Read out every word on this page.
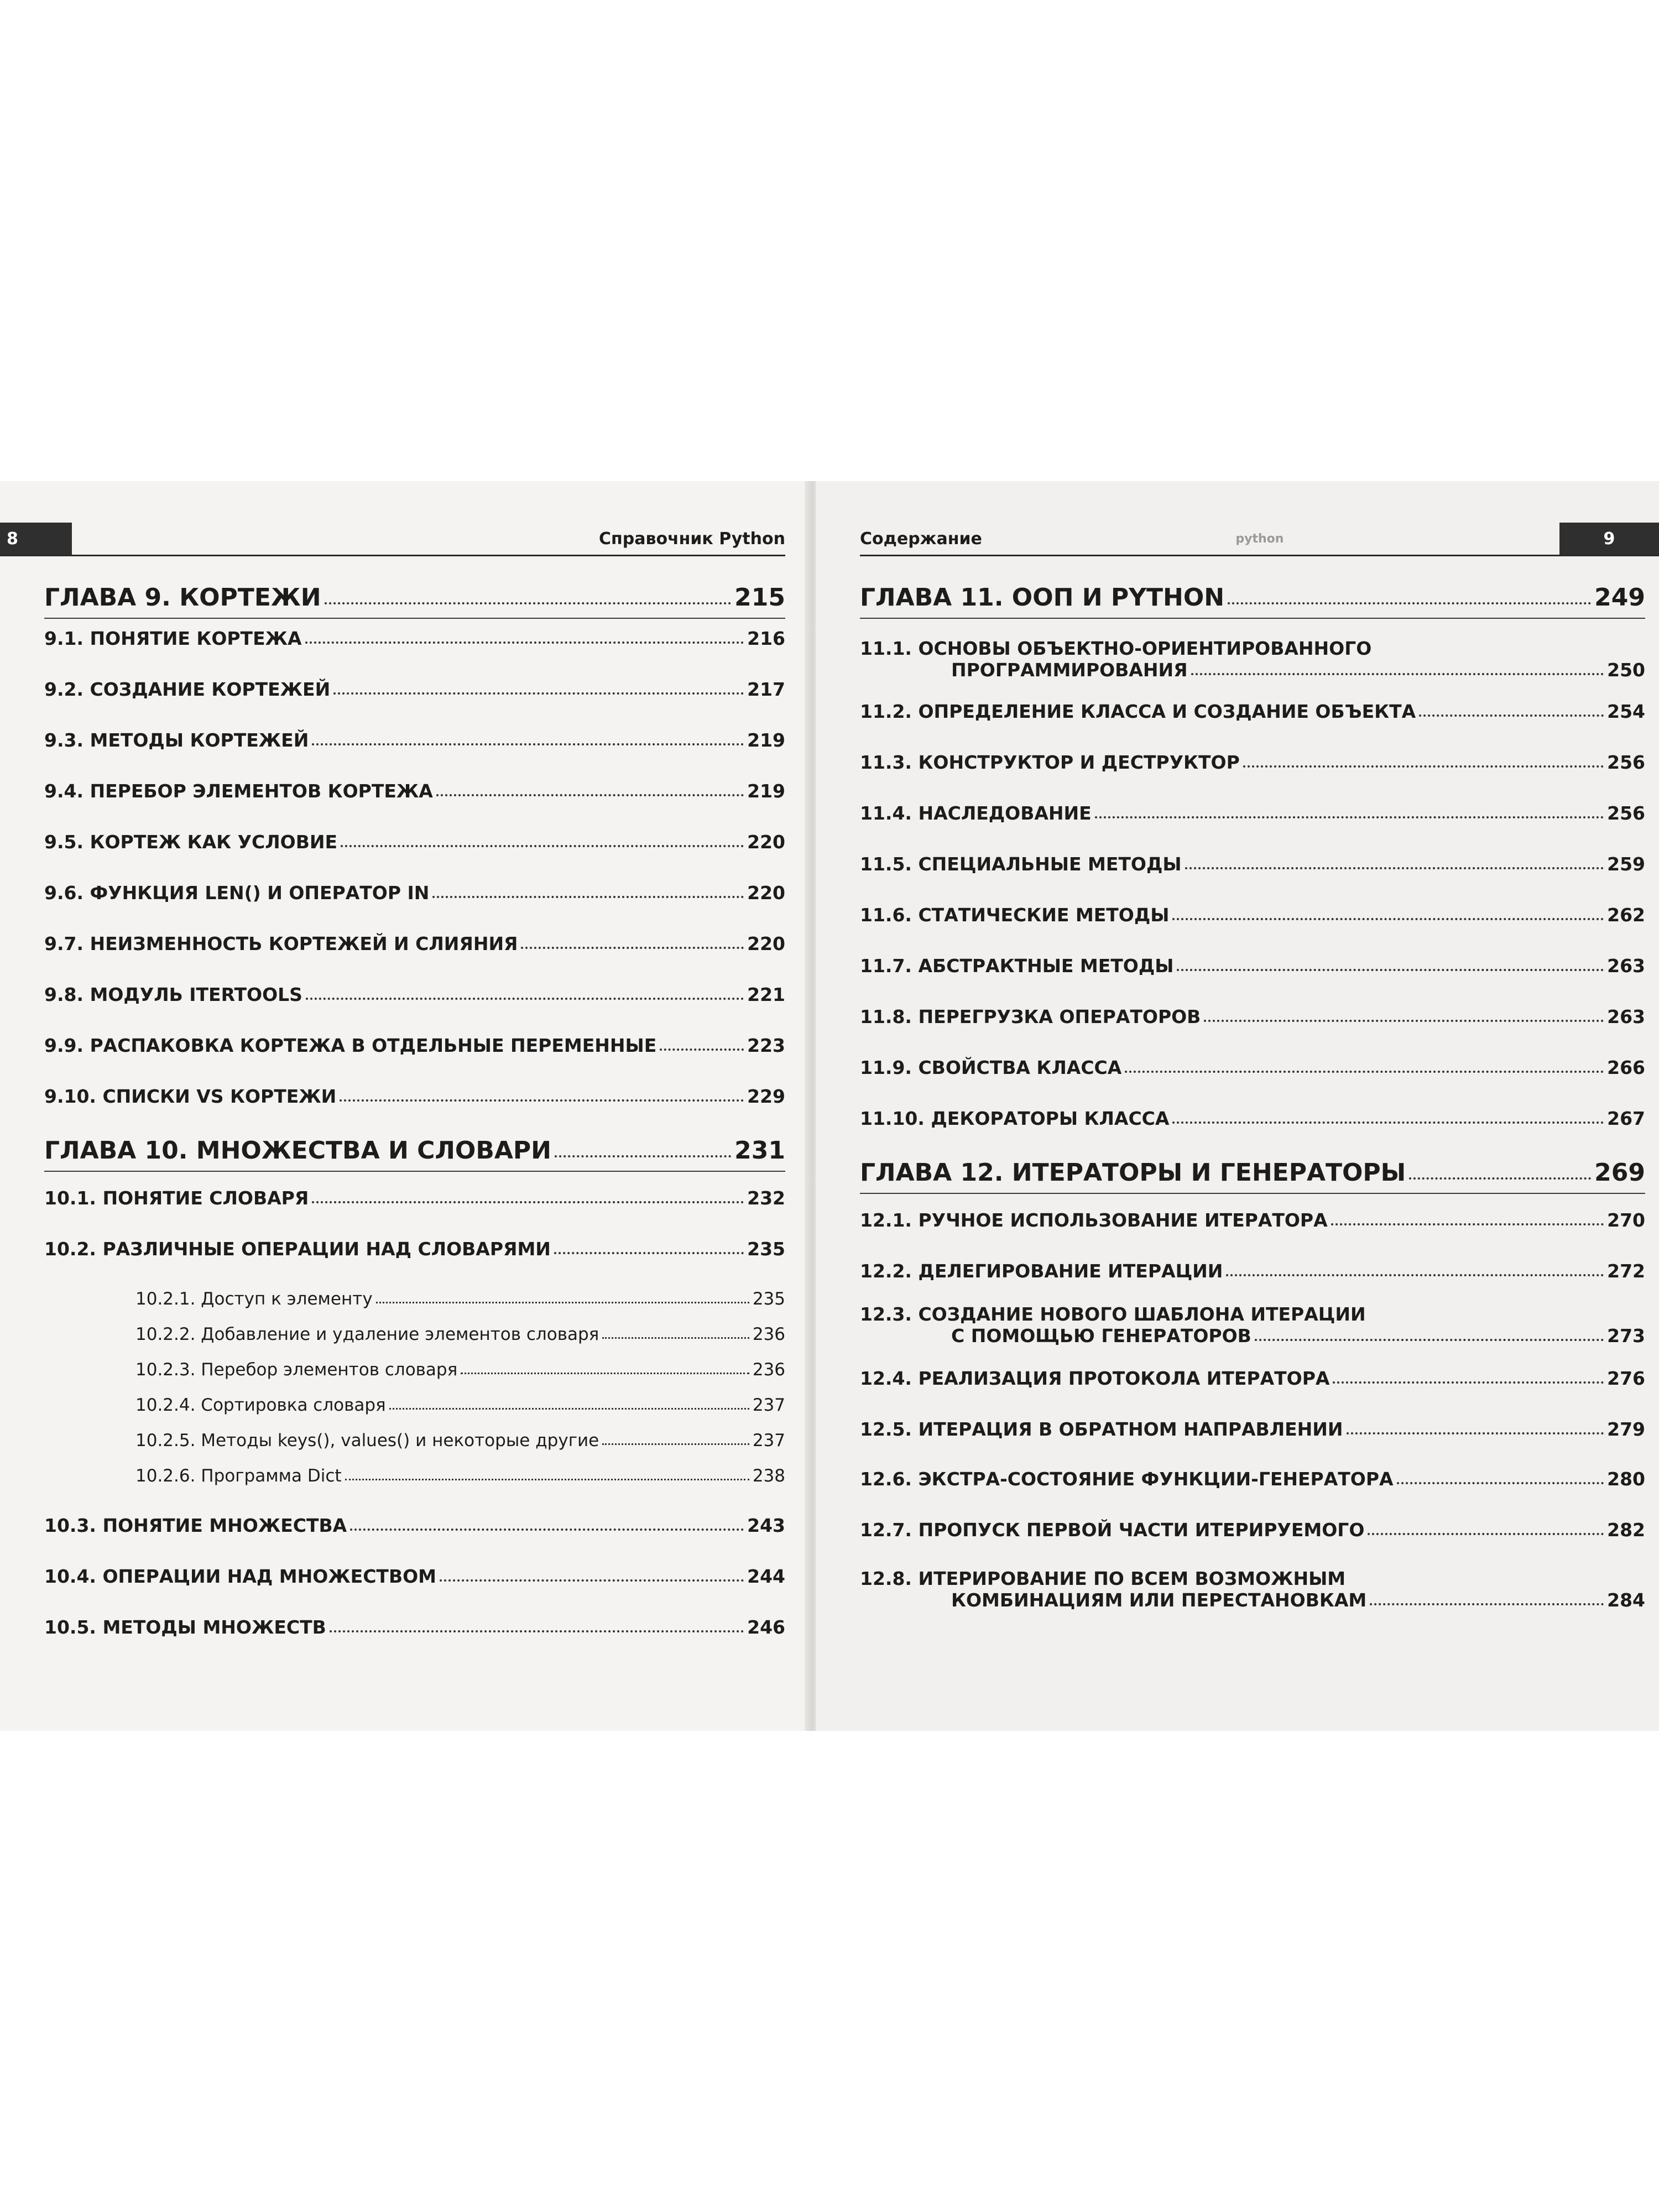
8	Справочник Python
ГЛАВА 9. КОРТЕЖИ	215
9.1. ПОНЯТИЕ КОРТЕЖА	216
9.2. СОЗДАНИЕ КОРТЕЖЕЙ	217
9.3. МЕТОДЫ КОРТЕЖЕЙ	219
9.4. ПЕРЕБОР ЭЛЕМЕНТОВ КОРТЕЖА	219
9.5. КОРТЕЖ КАК УСЛОВИЕ	220
9.6. ФУНКЦИЯ LEN() И ОПЕРАТОР IN	220
9.7. НЕИЗМЕННОСТЬ КОРТЕЖЕЙ И СЛИЯНИЯ	220
9.8. МОДУЛЬ ITERTOOLS	221
9.9. РАСПАКОВКА КОРТЕЖА В ОТДЕЛЬНЫЕ ПЕРЕМЕННЫЕ	223
9.10. СПИСКИ VS КОРТЕЖИ	229
ГЛАВА 10. МНОЖЕСТВА И СЛОВАРИ	231
10.1. ПОНЯТИЕ СЛОВАРЯ	232
10.2. РАЗЛИЧНЫЕ ОПЕРАЦИИ НАД СЛОВАРЯМИ	235
10.2.1. Доступ к элементу	235
10.2.2. Добавление и удаление элементов словаря	236
10.2.3. Перебор элементов словаря	236
10.2.4. Сортировка словаря	237
10.2.5. Методы keys(), values() и некоторые другие	237
10.2.6. Программа Dict	238
10.3. ПОНЯТИЕ МНОЖЕСТВА	243
10.4. ОПЕРАЦИИ НАД МНОЖЕСТВОМ	244
10.5. МЕТОДЫ МНОЖЕСТВ	246
Содержание	python	9
ГЛАВА 11. ООП И PYTHON	249
11.1. ОСНОВЫ ОБЪЕКТНО-ОРИЕНТИРОВАННОГО
ПРОГРАММИРОВАНИЯ	250
11.2. ОПРЕДЕЛЕНИЕ КЛАССА И СОЗДАНИЕ ОБЪЕКТА	254
11.3. КОНСТРУКТОР И ДЕСТРУКТОР	256
11.4. НАСЛЕДОВАНИЕ	256
11.5. СПЕЦИАЛЬНЫЕ МЕТОДЫ	259
11.6. СТАТИЧЕСКИЕ МЕТОДЫ	262
11.7. АБСТРАКТНЫЕ МЕТОДЫ	263
11.8. ПЕРЕГРУЗКА ОПЕРАТОРОВ	263
11.9. СВОЙСТВА КЛАССА	266
11.10. ДЕКОРАТОРЫ КЛАССА	267
ГЛАВА 12. ИТЕРАТОРЫ И ГЕНЕРАТОРЫ	269
12.1. РУЧНОЕ ИСПОЛЬЗОВАНИЕ ИТЕРАТОРА	270
12.2. ДЕЛЕГИРОВАНИЕ ИТЕРАЦИИ	272
12.3. СОЗДАНИЕ НОВОГО ШАБЛОНА ИТЕРАЦИИ
С ПОМОЩЬЮ ГЕНЕРАТОРОВ	273
12.4. РЕАЛИЗАЦИЯ ПРОТОКОЛА ИТЕРАТОРА	276
12.5. ИТЕРАЦИЯ В ОБРАТНОМ НАПРАВЛЕНИИ	279
12.6. ЭКСТРА-СОСТОЯНИЕ ФУНКЦИИ-ГЕНЕРАТОРА	280
12.7. ПРОПУСК ПЕРВОЙ ЧАСТИ ИТЕРИРУЕМОГО	282
12.8. ИТЕРИРОВАНИЕ ПО ВСЕМ ВОЗМОЖНЫМ
КОМБИНАЦИЯМ ИЛИ ПЕРЕСТАНОВКАМ	284
